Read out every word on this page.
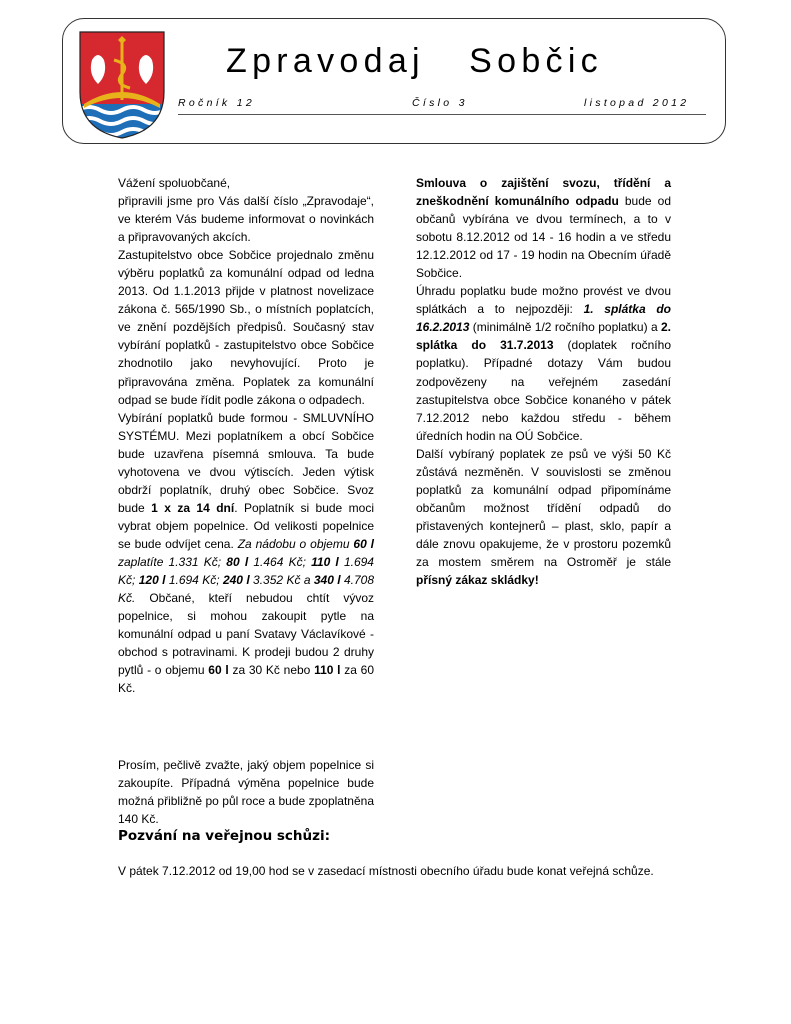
Zpravodaj   Sobčic
Ročník 12	Číslo 3	listopad 2012

Vážení spoluobčané,

připravili jsme pro Vás další číslo „Zpravodaje“, ve kterém Vás budeme informovat o novinkách a připravovaných akcích.

Zastupitelstvo obce Sobčice projednalo změnu výběru poplatků za komunální odpad od ledna 2013. Od 1.1.2013 přijde v platnost novelizace zákona č. 565/1990 Sb., o místních poplatcích, ve znění pozdějších předpisů. Současný stav vybírání poplatků - zastupitelstvo obce Sobčice zhodnotilo jako nevyhovující. Proto je připravována změna. Poplatek za komunální odpad se bude řídit podle zákona o odpadech.

Vybírání poplatků bude formou - SMLUVNÍHO SYSTÉMU. Mezi poplatníkem a obcí Sobčice bude uzavřena písemná smlouva. Ta bude vyhotovena ve dvou výtiscích. Jeden výtisk obdrží poplatník, druhý obec Sobčice. Svoz bude 1 x za 14 dní. Poplatník si bude moci vybrat objem popelnice. Od velikosti popelnice se bude odvíjet cena. Za nádobu o objemu 60 l zaplatíte 1.331 Kč; 80 l 1.464 Kč; 110 l 1.694 Kč; 120 l 1.694 Kč; 240 l 3.352 Kč a 340 l 4.708 Kč. Občané, kteří nebudou chtít vývoz popelnice, si mohou zakoupit pytle na komunální odpad u paní Svatavy Václavíkové - obchod s potravinami. K prodeji budou 2 druhy pytlů - o objemu 60 l za 30 Kč nebo 110 l za 60 Kč.

Prosím, pečlivě zvažte, jaký objem popelnice si zakoupíte. Případná výměna popelnice bude možná přibližně po půl roce a bude zpoplatněna 140 Kč.

Smlouva o zajištění svozu, třídění a zneškodnění komunálního odpadu bude od občanů vybírána ve dvou termínech, a to v sobotu 8.12.2012 od 14 - 16 hodin a ve středu 12.12.2012 od 17 - 19 hodin na Obecním úřadě Sobčice.

Úhradu poplatku bude možno provést ve dvou splátkách a to nejpozději: 1. splátka do 16.2.2013 (minimálně 1/2 ročního poplatku) a 2. splátka do 31.7.2013 (doplatek ročního poplatku). Případné dotazy Vám budou zodpovězeny na veřejném zasedání zastupitelstva obce Sobčice konaného v pátek 7.12.2012 nebo každou středu - během úředních hodin na OÚ Sobčice.

Další vybíraný poplatek ze psů ve výši 50 Kč zůstává nezměněn. V souvislosti se změnou poplatků za komunální odpad připomínáme občanům možnost třídění odpadů do přistavených kontejnerů – plast, sklo, papír a dále znovu opakujeme, že v prostoru pozemků za mostem směrem na Ostroměř je stále přísný zákaz skládky!

Pozvání na veřejnou schůzi:
V pátek 7.12.2012 od 19,00 hod se v zasedací místnosti obecního úřadu bude konat veřejná schůze.
